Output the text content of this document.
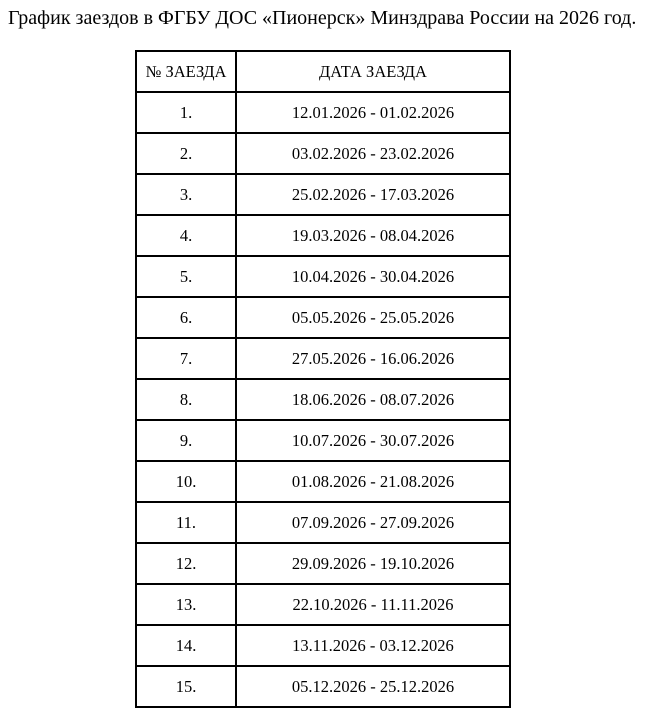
График заездов в ФГБУ ДОС «Пионерск» Минздрава России на 2026 год.
№ ЗАЕЗДА	ДАТА ЗАЕЗДА
1.	12.01.2026 - 01.02.2026
2.	03.02.2026 - 23.02.2026
3.	25.02.2026 - 17.03.2026
4.	19.03.2026 - 08.04.2026
5.	10.04.2026 - 30.04.2026
6.	05.05.2026 - 25.05.2026
7.	27.05.2026 - 16.06.2026
8.	18.06.2026 - 08.07.2026
9.	10.07.2026 - 30.07.2026
10.	01.08.2026 - 21.08.2026
11.	07.09.2026 - 27.09.2026
12.	29.09.2026 - 19.10.2026
13.	22.10.2026 - 11.11.2026
14.	13.11.2026 - 03.12.2026
15.	05.12.2026 - 25.12.2026
